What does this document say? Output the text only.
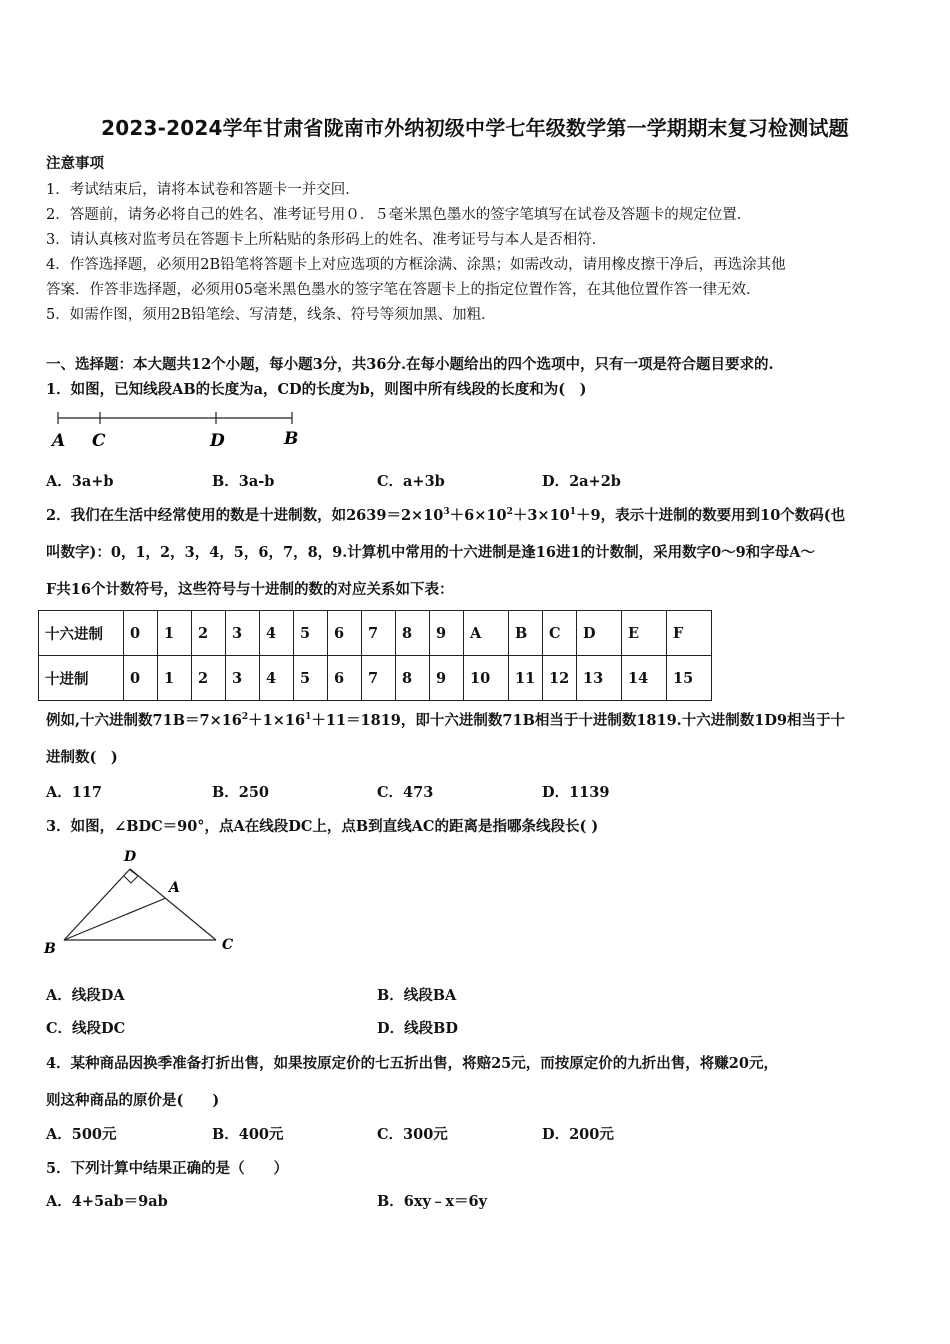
2023-2024学年甘肃省陇南市外纳初级中学七年级数学第一学期期末复习检测试题
注意事项
1．考试结束后，请将本试卷和答题卡一并交回．
2．答题前，请务必将自己的姓名、准考证号用０．５毫米黑色墨水的签字笔填写在试卷及答题卡的规定位置．
3．请认真核对监考员在答题卡上所粘贴的条形码上的姓名、准考证号与本人是否相符．
4．作答选择题，必须用2B铅笔将答题卡上对应选项的方框涂满、涂黑；如需改动，请用橡皮擦干净后，再选涂其他
答案．作答非选择题，必须用05毫米黑色墨水的签字笔在答题卡上的指定位置作答，在其他位置作答一律无效．
5．如需作图，须用2B铅笔绘、写清楚，线条、符号等须加黑、加粗．
一、选择题：本大题共12个小题，每小题3分，共36分.在每小题给出的四个选项中，只有一项是符合题目要求的.
1．如图，已知线段AB的长度为a，CD的长度为b，则图中所有线段的长度和为(　)
A C	D	B
A．3a+b	B．3a-b	C．a+3b	D．2a+2b
2．我们在生活中经常使用的数是十进制数，如$2639=2\times 10^3+6\times 10^2+3\times 10^1+9$，表示十进制的数要用到10个数码(也
叫数字)：0，1，2，3，4，5，6，7，8，9.计算机中常用的十六进制是逢16进1的计数制，采用数字0～9和字母A～
F共16个计数符号，这些符号与十进制的数的对应关系如下表：
十六进制	0	1	2	3	4	5	6	7	8	9	A	B	C	D	E	F
十进制	0	1	2	3	4	5	6	7	8	9	10	11	12	13	14	15
例如,十六进制数$71B=7\times 16^2+1\times 16^1+11=1819$，即十六进制数71B相当于十进制数1819.十六进制数1D9相当于十
进制数(　)
A．117	B．250	C．473	D．1139
3．如图，∠BDC＝90°，点A在线段DC上，点B到直线AC的距离是指哪条线段长( )
D
A
B	C
A．线段DA	B．线段BA
C．线段DC	D．线段BD
4．某种商品因换季准备打折出售，如果按原定价的七五折出售，将赔25元，而按原定价的九折出售，将赚20元，
则这种商品的原价是(　　)
A．500元	B．400元	C．300元	D．200元
5．下列计算中结果正确的是（　　）
A．4+5ab＝9ab	B．6xy﹣x＝6y
